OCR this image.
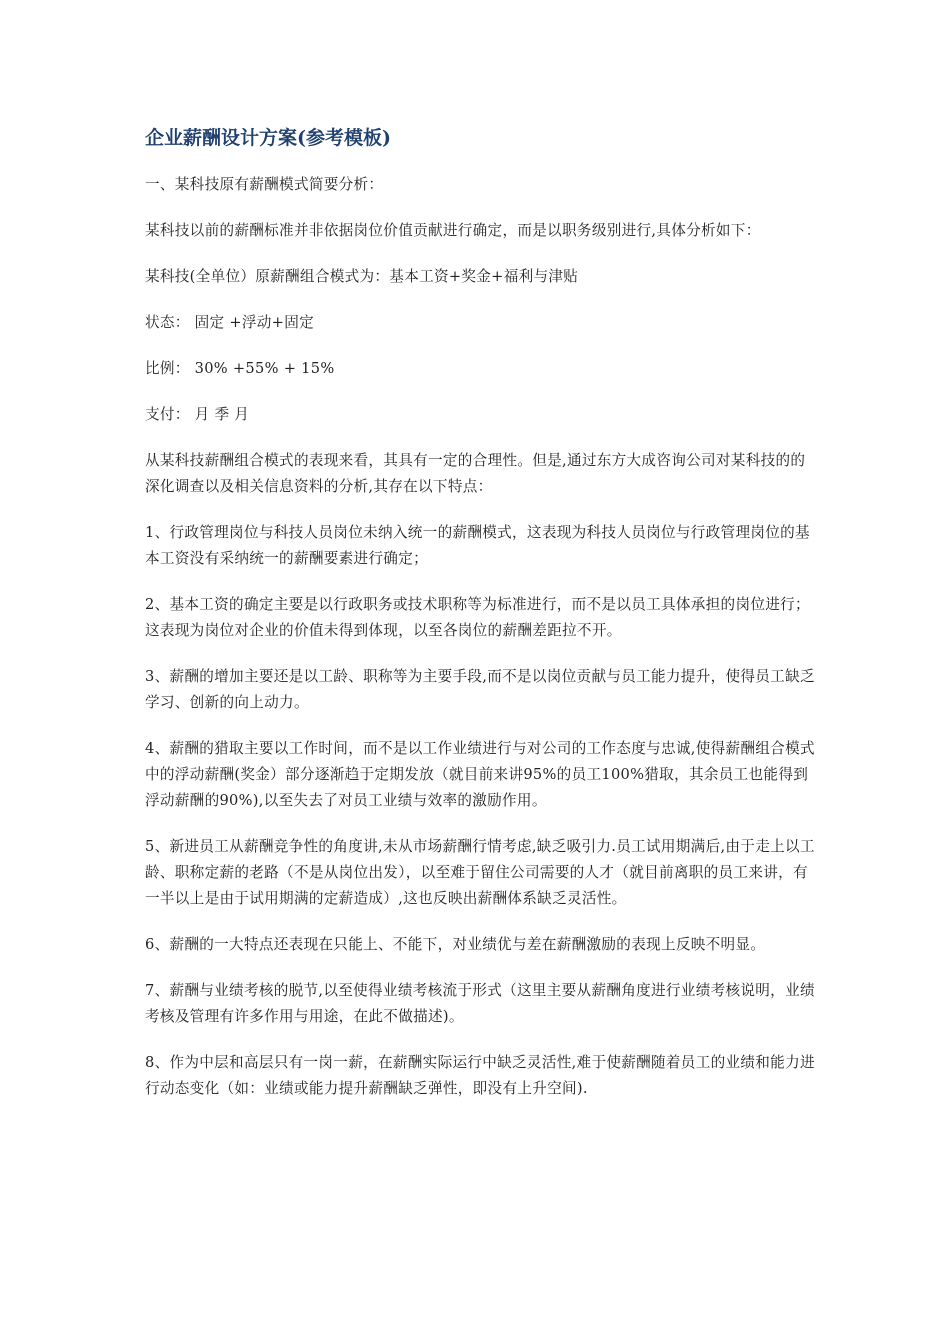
企业薪酬设计方案(参考模板)

一、某科技原有薪酬模式简要分析：

某科技以前的薪酬标准并非依据岗位价值贡献进行确定，而是以职务级别进行,具体分析如下：

某科技(全单位）原薪酬组合模式为：基本工资+奖金+福利与津贴

状态： 固定 +浮动+固定

比例： 30% +55% + 15%

支付： 月 季 月

从某科技薪酬组合模式的表现来看，其具有一定的合理性。但是,通过东方大成咨询公司对某科技的的深化调查以及相关信息资料的分析,其存在以下特点：

1、行政管理岗位与科技人员岗位未纳入统一的薪酬模式，这表现为科技人员岗位与行政管理岗位的基本工资没有采纳统一的薪酬要素进行确定；

2、基本工资的确定主要是以行政职务或技术职称等为标准进行，而不是以员工具体承担的岗位进行；这表现为岗位对企业的价值未得到体现，以至各岗位的薪酬差距拉不开。

3、薪酬的增加主要还是以工龄、职称等为主要手段,而不是以岗位贡献与员工能力提升，使得员工缺乏学习、创新的向上动力。

4、薪酬的猎取主要以工作时间，而不是以工作业绩进行与对公司的工作态度与忠诚,使得薪酬组合模式中的浮动薪酬(奖金）部分逐渐趋于定期发放（就目前来讲95%的员工100%猎取，其余员工也能得到浮动薪酬的90%),以至失去了对员工业绩与效率的激励作用。

5、新进员工从薪酬竞争性的角度讲,未从市场薪酬行情考虑,缺乏吸引力.员工试用期满后,由于走上以工龄、职称定薪的老路（不是从岗位出发），以至难于留住公司需要的人才（就目前离职的员工来讲，有一半以上是由于试用期满的定薪造成）,这也反映出薪酬体系缺乏灵活性。

6、薪酬的一大特点还表现在只能上、不能下，对业绩优与差在薪酬激励的表现上反映不明显。

7、薪酬与业绩考核的脱节,以至使得业绩考核流于形式（这里主要从薪酬角度进行业绩考核说明，业绩考核及管理有许多作用与用途，在此不做描述)。

8、作为中层和高层只有一岗一薪，在薪酬实际运行中缺乏灵活性,难于使薪酬随着员工的业绩和能力进行动态变化（如：业绩或能力提升薪酬缺乏弹性，即没有上升空间).
